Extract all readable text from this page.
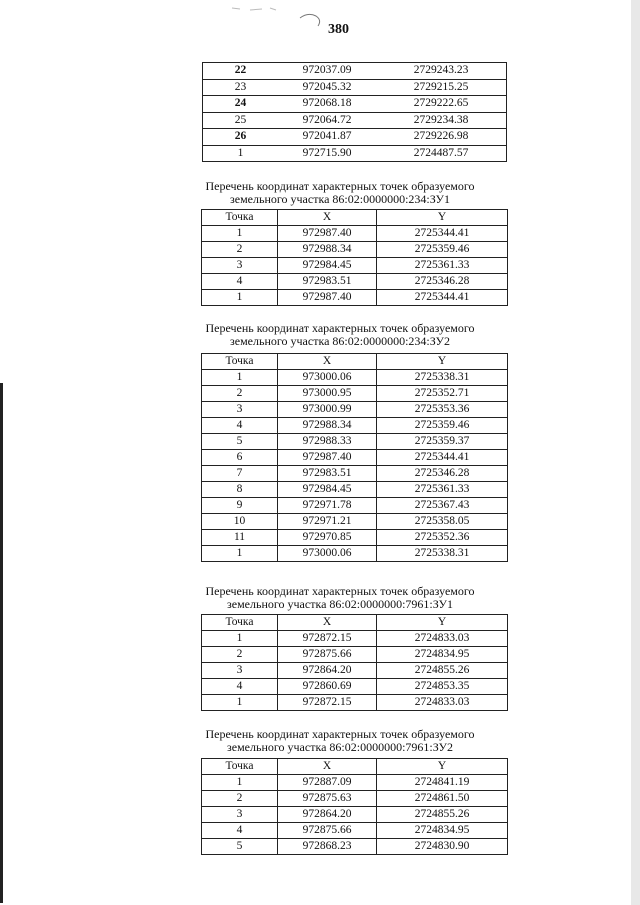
380
22	972037.09	2729243.23
23	972045.32	2729215.25
24	972068.18	2729222.65
25	972064.72	2729234.38
26	972041.87	2729226.98
1	972715.90	2724487.57
Перечень координат характерных точек образуемого
земельного участка 86:02:0000000:234:ЗУ1
Точка	X	Y
1	972987.40	2725344.41
2	972988.34	2725359.46
3	972984.45	2725361.33
4	972983.51	2725346.28
1	972987.40	2725344.41
Перечень координат характерных точек образуемого
земельного участка 86:02:0000000:234:ЗУ2
Точка	X	Y
1	973000.06	2725338.31
2	973000.95	2725352.71
3	973000.99	2725353.36
4	972988.34	2725359.46
5	972988.33	2725359.37
6	972987.40	2725344.41
7	972983.51	2725346.28
8	972984.45	2725361.33
9	972971.78	2725367.43
10	972971.21	2725358.05
11	972970.85	2725352.36
1	973000.06	2725338.31
Перечень координат характерных точек образуемого
земельного участка 86:02:0000000:7961:ЗУ1
Точка	X	Y
1	972872.15	2724833.03
2	972875.66	2724834.95
3	972864.20	2724855.26
4	972860.69	2724853.35
1	972872.15	2724833.03
Перечень координат характерных точек образуемого
земельного участка 86:02:0000000:7961:ЗУ2
Точка	X	Y
1	972887.09	2724841.19
2	972875.63	2724861.50
3	972864.20	2724855.26
4	972875.66	2724834.95
5	972868.23	2724830.90
